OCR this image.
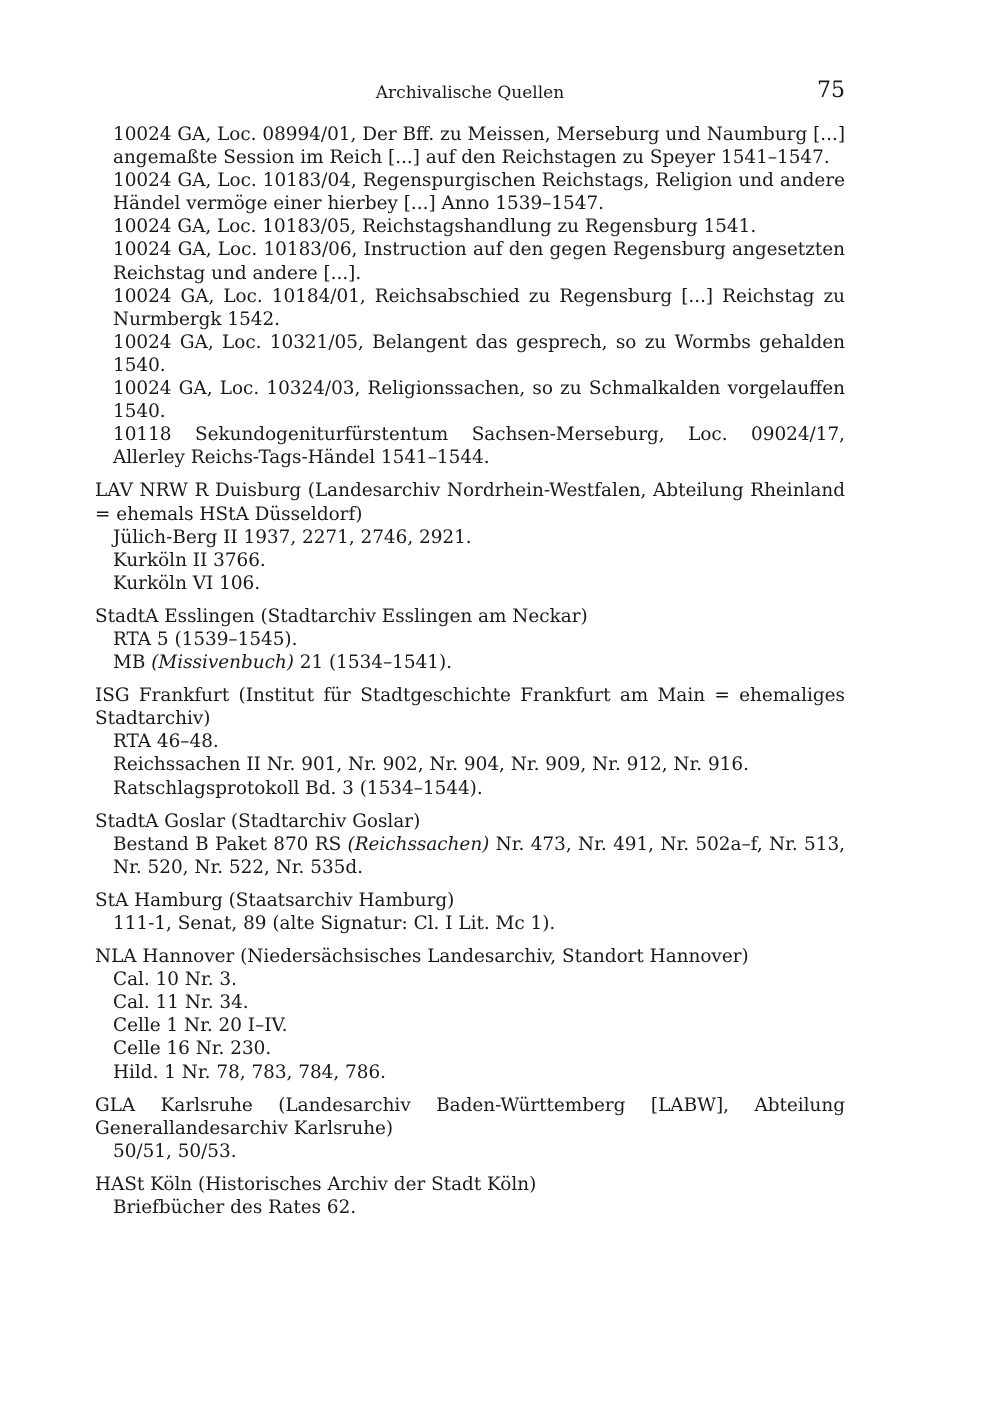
Archivalische Quellen	75

10024 GA, Loc. 08994/01, Der Bff. zu Meissen, Merseburg und Naumburg [...] angemaßte Session im Reich [...] auf den Reichstagen zu Speyer 1541–1547.

10024 GA, Loc. 10183/04, Regenspurgischen Reichstags, Religion und andere Händel vermöge einer hierbey [...] Anno 1539–1547.

10024 GA, Loc. 10183/05, Reichstagshandlung zu Regensburg 1541.

10024 GA, Loc. 10183/06, Instruction auf den gegen Regensburg angesetzten Reichstag und andere [...].

10024 GA, Loc. 10184/01, Reichsabschied zu Regensburg [...] Reichstag zu Nurmbergk 1542.

10024 GA, Loc. 10321/05, Belangent das gesprech, so zu Wormbs gehalden 1540.

10024 GA, Loc. 10324/03, Religionssachen, so zu Schmalkalden vorgelauffen 1540.

10118 Sekundogeniturfürstentum Sachsen-Merseburg, Loc. 09024/17, Allerley Reichs-Tags-Händel 1541–1544.

LAV NRW R Duisburg (Landesarchiv Nordrhein-Westfalen, Abteilung Rheinland = ehemals HStA Düsseldorf)

Jülich-Berg II 1937, 2271, 2746, 2921.

Kurköln II 3766.

Kurköln VI 106.

StadtA Esslingen (Stadtarchiv Esslingen am Neckar)

RTA 5 (1539–1545).

MB (Missivenbuch) 21 (1534–1541).

ISG Frankfurt (Institut für Stadtgeschichte Frankfurt am Main = ehemaliges Stadtarchiv)

RTA 46–48.

Reichssachen II Nr. 901, Nr. 902, Nr. 904, Nr. 909, Nr. 912, Nr. 916.

Ratschlagsprotokoll Bd. 3 (1534–1544).

StadtA Goslar (Stadtarchiv Goslar)

Bestand B Paket 870 RS (Reichssachen) Nr. 473, Nr. 491, Nr. 502a–f, Nr. 513, Nr. 520, Nr. 522, Nr. 535d.

StA Hamburg (Staatsarchiv Hamburg)

111-1, Senat, 89 (alte Signatur: Cl. I Lit. Mc 1).

NLA Hannover (Niedersächsisches Landesarchiv, Standort Hannover)

Cal. 10 Nr. 3.

Cal. 11 Nr. 34.

Celle 1 Nr. 20 I–IV.

Celle 16 Nr. 230.

Hild. 1 Nr. 78, 783, 784, 786.

GLA Karlsruhe (Landesarchiv Baden-Württemberg [LABW], Abteilung Generallandesarchiv Karlsruhe)

50/51, 50/53.

HASt Köln (Historisches Archiv der Stadt Köln)

Briefbücher des Rates 62.
